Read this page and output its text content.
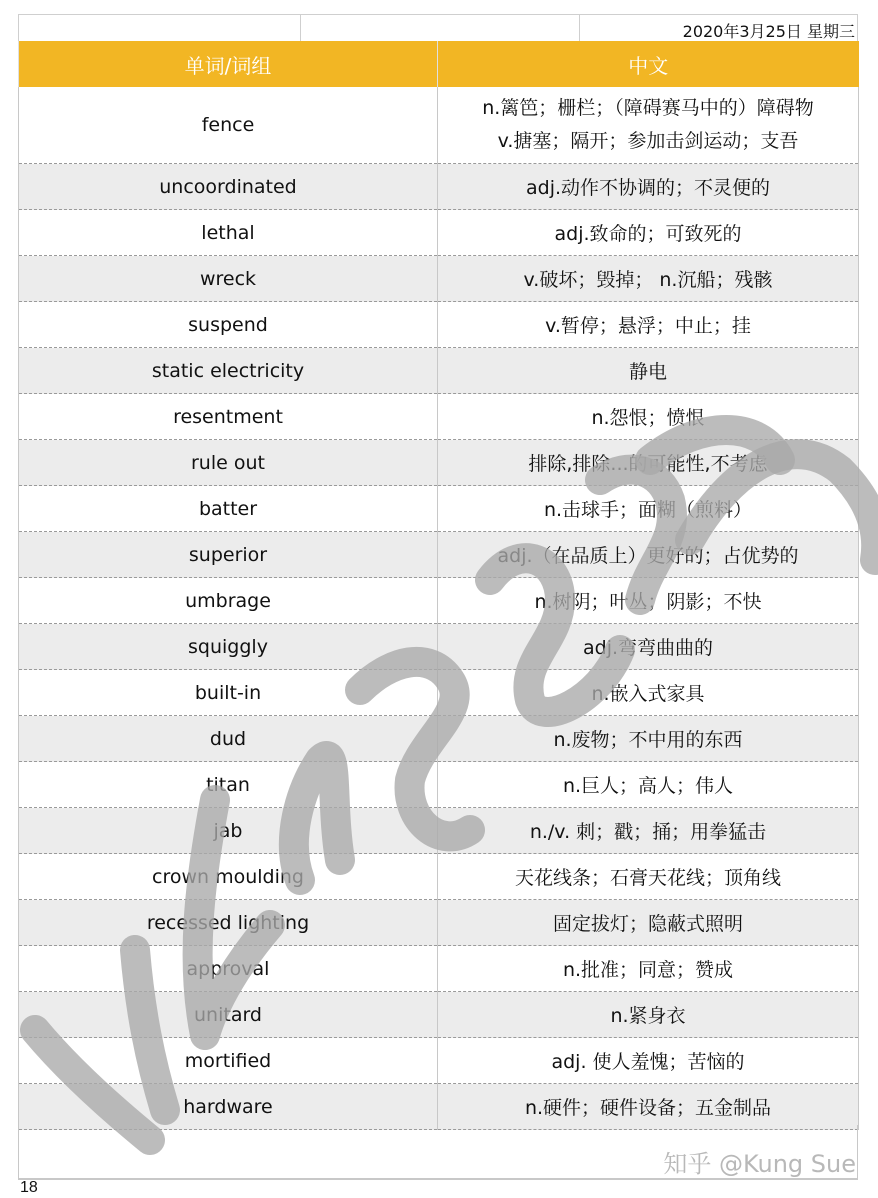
2020年3月25日 星期三
单词/词组	中文
fence	n.篱笆；栅栏；（障碍赛马中的）障碍物
v.搪塞；隔开；参加击剑运动；支吾

uncoordinated	adj.动作不协调的；不灵便的

lethal	adj.致命的；可致死的

wreck	v.破坏；毁掉； n.沉船；残骸

suspend	v.暂停；悬浮；中止；挂

static electricity	静电

resentment	n.怨恨；愤恨

rule out	排除,排除...的可能性,不考虑

batter	n.击球手；面糊（煎料）

superior	adj.（在品质上）更好的；占优势的

umbrage	n.树阴；叶丛；阴影；不快

squiggly	adj.弯弯曲曲的

built-in	n.嵌入式家具

dud	n.废物；不中用的东西

titan	n.巨人；高人；伟人

jab	n./v. 刺；戳；捅；用拳猛击

crown moulding	天花线条；石膏天花线；顶角线

recessed lighting	固定拔灯；隐蔽式照明

approval	n.批准；同意；赞成

unitard	n.紧身衣

mortified	adj. 使人羞愧；苦恼的

hardware	n.硬件；硬件设备；五金制品
知乎 @Kung Sue
18
